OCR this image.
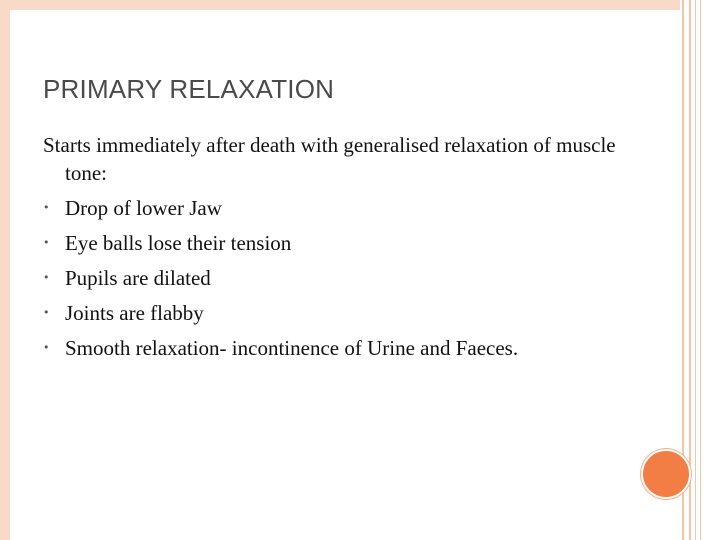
PRIMARY RELAXATION

Starts immediately after death with generalised relaxation of muscle tone:

• Drop of lower Jaw
• Eye balls lose their tension
• Pupils are dilated
• Joints are flabby
• Smooth relaxation- incontinence of Urine and Faeces.
